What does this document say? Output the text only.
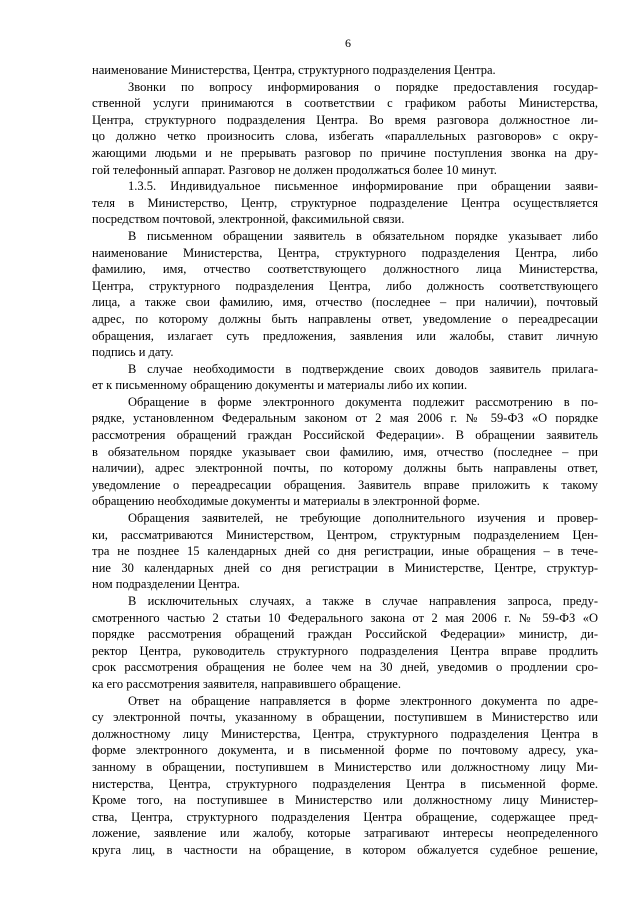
6
наименование Министерства, Центра, структурного подразделения Центра.
Звонки по вопросу информирования о порядке предоставления государ-
ственной услуги принимаются в соответствии с графиком работы Министерства,
Центра, структурного подразделения Центра. Во время разговора должностное ли-
цо должно четко произносить слова, избегать «параллельных разговоров» с окру-
жающими людьми и не прерывать разговор по причине поступления звонка на дру-
гой телефонный аппарат. Разговор не должен продолжаться более 10 минут.
1.3.5. Индивидуальное письменное информирование при обращении заяви-
теля в Министерство, Центр, структурное подразделение Центра осуществляется
посредством почтовой, электронной, факсимильной связи.
В письменном обращении заявитель в обязательном порядке указывает либо
наименование Министерства, Центра, структурного подразделения Центра, либо
фамилию, имя, отчество соответствующего должностного лица Министерства,
Центра, структурного подразделения Центра, либо должность соответствующего
лица, а также свои фамилию, имя, отчество (последнее – при наличии), почтовый
адрес, по которому должны быть направлены ответ, уведомление о переадресации
обращения, излагает суть предложения, заявления или жалобы, ставит личную
подпись и дату.
В случае необходимости в подтверждение своих доводов заявитель прилага-
ет к письменному обращению документы и материалы либо их копии.
Обращение в форме электронного документа подлежит рассмотрению в по-
рядке, установленном Федеральным законом от 2 мая 2006 г. № 59-ФЗ «О порядке
рассмотрения обращений граждан Российской Федерации». В обращении заявитель
в обязательном порядке указывает свои фамилию, имя, отчество (последнее – при
наличии), адрес электронной почты, по которому должны быть направлены ответ,
уведомление о переадресации обращения. Заявитель вправе приложить к такому
обращению необходимые документы и материалы в электронной форме.
Обращения заявителей, не требующие дополнительного изучения и провер-
ки, рассматриваются Министерством, Центром, структурным подразделением Цен-
тра не позднее 15 календарных дней со дня регистрации, иные обращения – в тече-
ние 30 календарных дней со дня регистрации в Министерстве, Центре, структур-
ном подразделении Центра.
В исключительных случаях, а также в случае направления запроса, преду-
смотренного частью 2 статьи 10 Федерального закона от 2 мая 2006 г. № 59-ФЗ «О
порядке рассмотрения обращений граждан Российской Федерации» министр, ди-
ректор Центра, руководитель структурного подразделения Центра вправе продлить
срок рассмотрения обращения не более чем на 30 дней, уведомив о продлении сро-
ка его рассмотрения заявителя, направившего обращение.
Ответ на обращение направляется в форме электронного документа по адре-
су электронной почты, указанному в обращении, поступившем в Министерство или
должностному лицу Министерства, Центра, структурного подразделения Центра в
форме электронного документа, и в письменной форме по почтовому адресу, ука-
занному в обращении, поступившем в Министерство или должностному лицу Ми-
нистерства, Центра, структурного подразделения Центра в письменной форме.
Кроме того, на поступившее в Министерство или должностному лицу Министер-
ства, Центра, структурного подразделения Центра обращение, содержащее пред-
ложение, заявление или жалобу, которые затрагивают интересы неопределенного
круга лиц, в частности на обращение, в котором обжалуется судебное решение,
